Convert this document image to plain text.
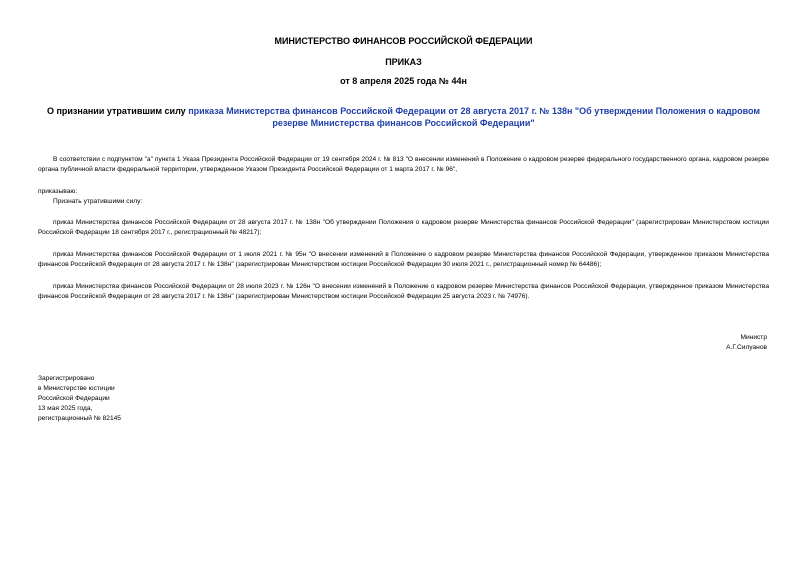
МИНИСТЕРСТВО ФИНАНСОВ РОССИЙСКОЙ ФЕДЕРАЦИИ
ПРИКАЗ
от 8 апреля 2025 года № 44н
О признании утратившим силу приказа Министерства финансов Российской Федерации от 28 августа 2017 г. № 138н "Об утверждении Положения о кадровом резерве Министерства финансов Российской Федерации"
В соответствии с подпунктом "а" пункта 1 Указа Президента Российской Федерации от 19 сентября 2024 г. № 813 "О внесении изменений в Положение о кадровом резерве федерального государственного органа, кадровом резерве органа публичной власти федеральной территории, утвержденное Указом Президента Российской Федерации от 1 марта 2017 г. № 96",
приказываю:
Признать утратившими силу:
приказ Министерства финансов Российской Федерации от 28 августа 2017 г. № 138н "Об утверждении Положения о кадровом резерве Министерства финансов Российской Федерации" (зарегистрирован Министерством юстиции Российской Федерации 18 сентября 2017 г., регистрационный № 48217);
приказ Министерства финансов Российской Федерации от 1 июля 2021 г. № 95н "О внесении изменений в Положение о кадровом резерве Министерства финансов Российской Федерации, утвержденное приказом Министерства финансов Российской Федерации от 28 августа 2017 г. № 138н" (зарегистрирован Министерством юстиции Российской Федерации 30 июля 2021 г., регистрационный номер № 64486);
приказ Министерства финансов Российской Федерации от 28 июля 2023 г. № 126н "О внесении изменений в Положение о кадровом резерве Министерства финансов Российской Федерации, утвержденное приказом Министерства финансов Российской Федерации от 28 августа 2017 г. № 138н" (зарегистрирован Министерством юстиции Российской Федерации 25 августа 2023 г. № 74976).
Министр
А.Г.Силуанов
Зарегистрировано
в Министерстве юстиции
Российской Федерации
13 мая 2025 года,
регистрационный № 82145
